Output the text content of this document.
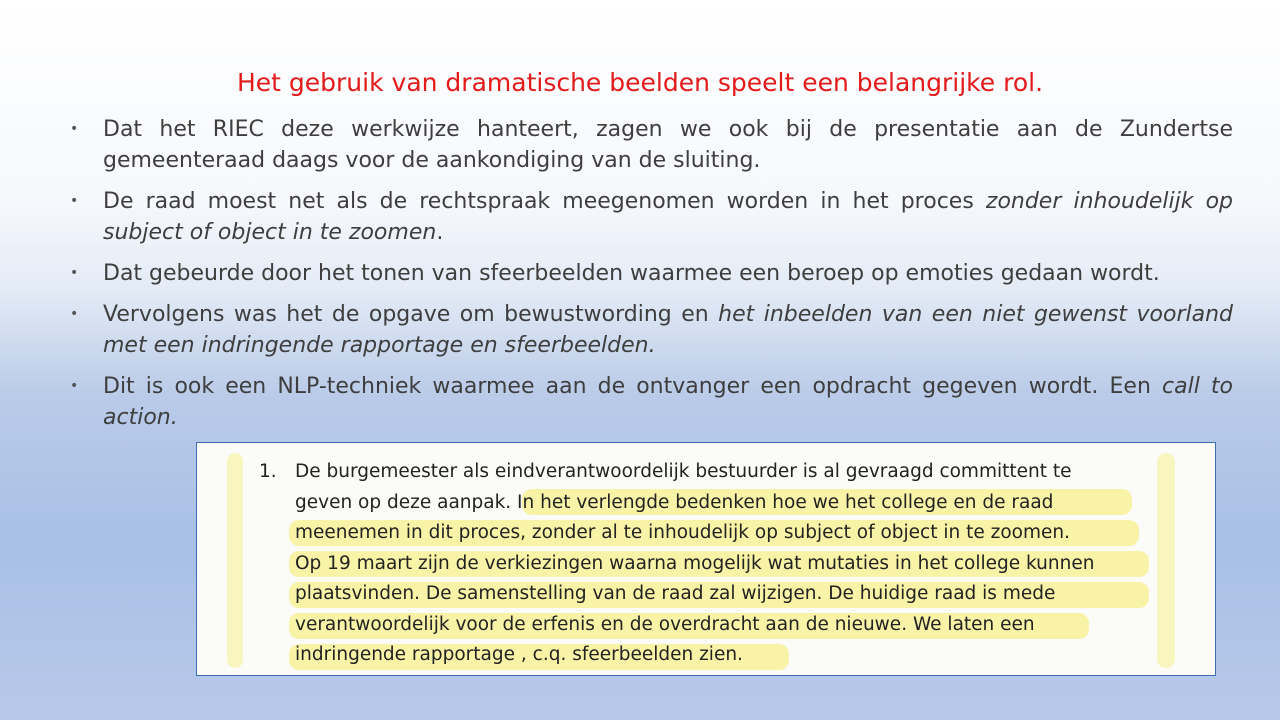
Het gebruik van dramatische beelden speelt een belangrijke rol.
• Dat het RIEC deze werkwijze hanteert, zagen we ook bij de presentatie aan de Zundertse gemeenteraad daags voor de aankondiging van de sluiting.
• De raad moest net als de rechtspraak meegenomen worden in het proces zonder inhoudelijk op subject of object in te zoomen.
• Dat gebeurde door het tonen van sfeerbeelden waarmee een beroep op emoties gedaan wordt.
• Vervolgens was het de opgave om bewustwording en het inbeelden van een niet gewenst voorland met een indringende rapportage en sfeerbeelden.
• Dit is ook een NLP-techniek waarmee aan de ontvanger een opdracht gegeven wordt. Een call to action.
1. De burgemeester als eindverantwoordelijk bestuurder is al gevraagd committent te
geven op deze aanpak. In het verlengde bedenken hoe we het college en de raad
meenemen in dit proces, zonder al te inhoudelijk op subject of object in te zoomen.
Op 19 maart zijn de verkiezingen waarna mogelijk wat mutaties in het college kunnen
plaatsvinden. De samenstelling van de raad zal wijzigen. De huidige raad is mede
verantwoordelijk voor de erfenis en de overdracht aan de nieuwe. We laten een
indringende rapportage , c.q. sfeerbeelden zien.
